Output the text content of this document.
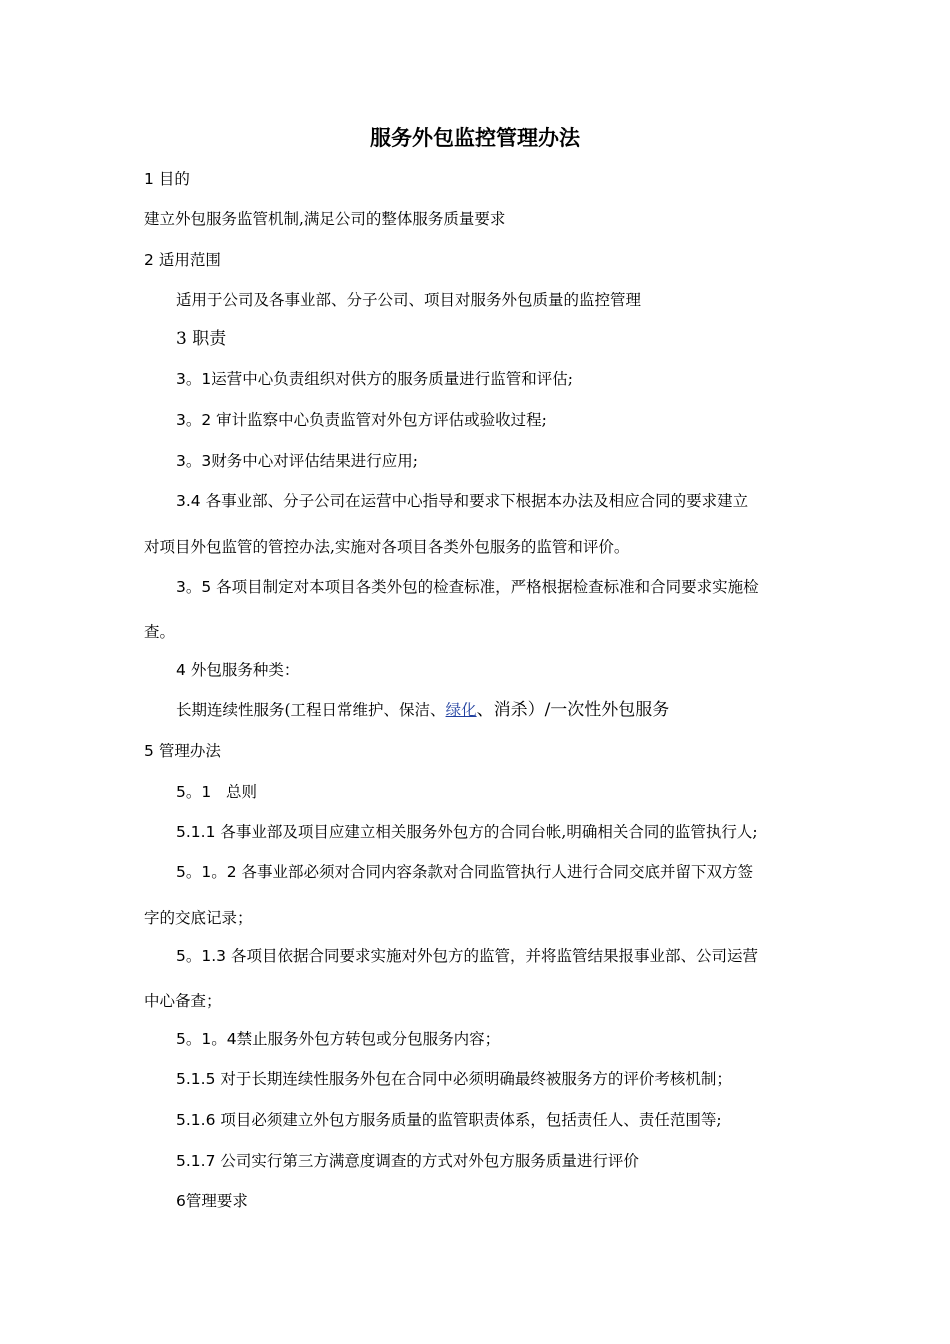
服务外包监控管理办法
1 目的
建立外包服务监管机制,满足公司的整体服务质量要求
2 适用范围
适用于公司及各事业部、分子公司、项目对服务外包质量的监控管理
3 职责
3。1运营中心负责组织对供方的服务质量进行监管和评估;
3。2 审计监察中心负责监管对外包方评估或验收过程;
3。3财务中心对评估结果进行应用;
3.4 各事业部、分子公司在运营中心指导和要求下根据本办法及相应合同的要求建立
对项目外包监管的管控办法,实施对各项目各类外包服务的监管和评价。
3。5 各项目制定对本项目各类外包的检查标准，严格根据检查标准和合同要求实施检
查。
4 外包服务种类：
长期连续性服务(工程日常维护、保洁、绿化、消杀）/一次性外包服务
5 管理办法
5。1 总则
5.1.1 各事业部及项目应建立相关服务外包方的合同台帐,明确相关合同的监管执行人;
5。1。2 各事业部必须对合同内容条款对合同监管执行人进行合同交底并留下双方签
字的交底记录；
5。1.3 各项目依据合同要求实施对外包方的监管，并将监管结果报事业部、公司运营
中心备查；
5。1。4禁止服务外包方转包或分包服务内容；
5.1.5 对于长期连续性服务外包在合同中必须明确最终被服务方的评价考核机制；
5.1.6 项目必须建立外包方服务质量的监管职责体系，包括责任人、责任范围等;
5.1.7 公司实行第三方满意度调查的方式对外包方服务质量进行评价
6管理要求
